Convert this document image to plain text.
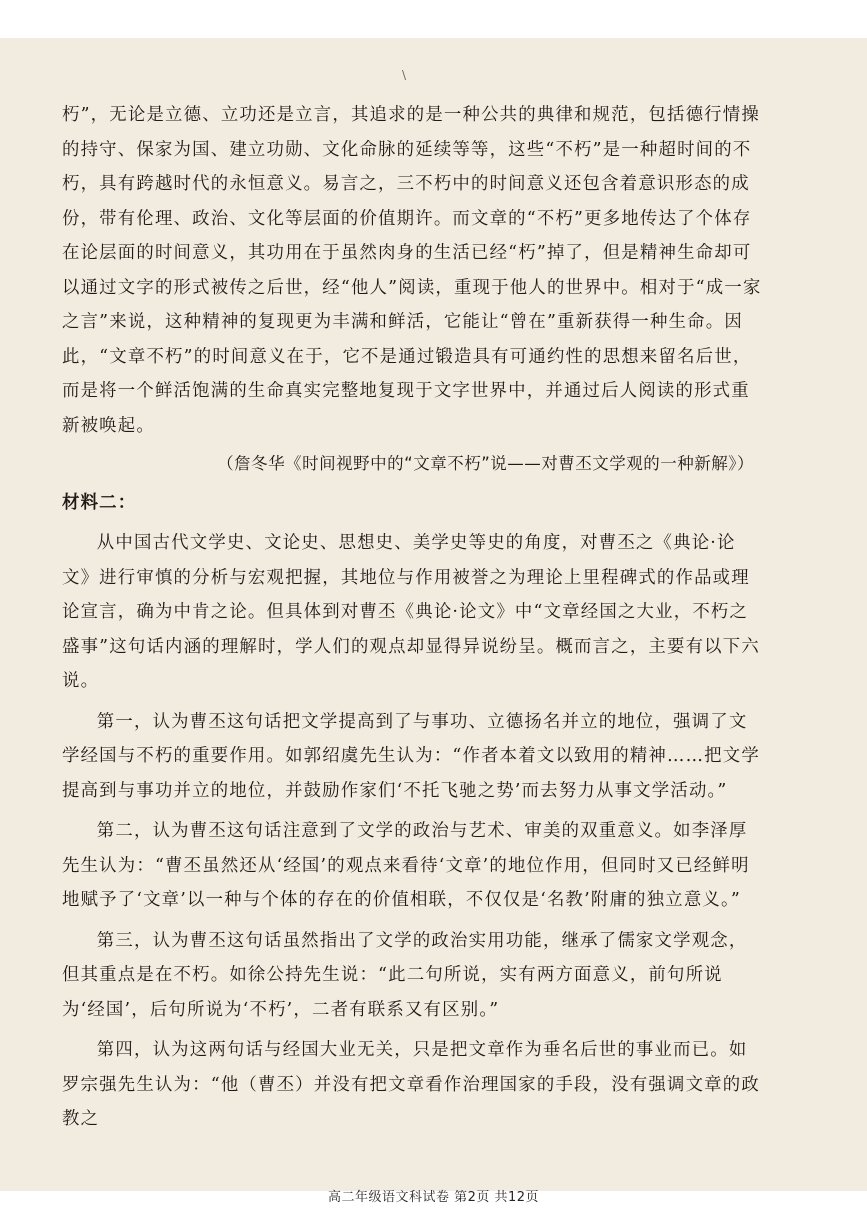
\

朽”，无论是立德、立功还是立言，其追求的是一种公共的典律和规范，包括德行情操的持守、保家为国、建立功勋、文化命脉的延续等等，这些“不朽”是一种超时间的不朽，具有跨越时代的永恒意义。易言之，三不朽中的时间意义还包含着意识形态的成份，带有伦理、政治、文化等层面的价值期许。而文章的“不朽”更多地传达了个体存在论层面的时间意义，其功用在于虽然肉身的生活已经“朽”掉了，但是精神生命却可以通过文字的形式被传之后世，经“他人”阅读，重现于他人的世界中。相对于“成一家之言”来说，这种精神的复现更为丰满和鲜活，它能让“曾在”重新获得一种生命。因此，“文章不朽”的时间意义在于，它不是通过锻造具有可通约性的思想来留名后世，而是将一个鲜活饱满的生命真实完整地复现于文字世界中，并通过后人阅读的形式重新被唤起。

（詹冬华《时间视野中的“文章不朽”说——对曹丕文学观的一种新解》）

材料二：

从中国古代文学史、文论史、思想史、美学史等史的角度，对曹丕之《典论·论文》进行审慎的分析与宏观把握，其地位与作用被誉之为理论上里程碑式的作品或理论宣言，确为中肯之论。但具体到对曹丕《典论·论文》中“文章经国之大业，不朽之盛事”这句话内涵的理解时，学人们的观点却显得异说纷呈。概而言之，主要有以下六说。

第一，认为曹丕这句话把文学提高到了与事功、立德扬名并立的地位，强调了文学经国与不朽的重要作用。如郭绍虞先生认为：“作者本着文以致用的精神……把文学提高到与事功并立的地位，并鼓励作家们‘不托飞驰之势’而去努力从事文学活动。”

第二，认为曹丕这句话注意到了文学的政治与艺术、审美的双重意义。如李泽厚先生认为：“曹丕虽然还从‘经国’的观点来看待‘文章’的地位作用，但同时又已经鲜明地赋予了‘文章’以一种与个体的存在的价值相联，不仅仅是‘名教’附庸的独立意义。”

第三，认为曹丕这句话虽然指出了文学的政治实用功能，继承了儒家文学观念，但其重点是在不朽。如徐公持先生说：“此二句所说，实有两方面意义，前句所说为‘经国’，后句所说为‘不朽’，二者有联系又有区别。”

第四，认为这两句话与经国大业无关，只是把文章作为垂名后世的事业而已。如罗宗强先生认为：“他（曹丕）并没有把文章看作治理国家的手段，没有强调文章的政教之

高二年级语文科试卷 第2页 共12页
